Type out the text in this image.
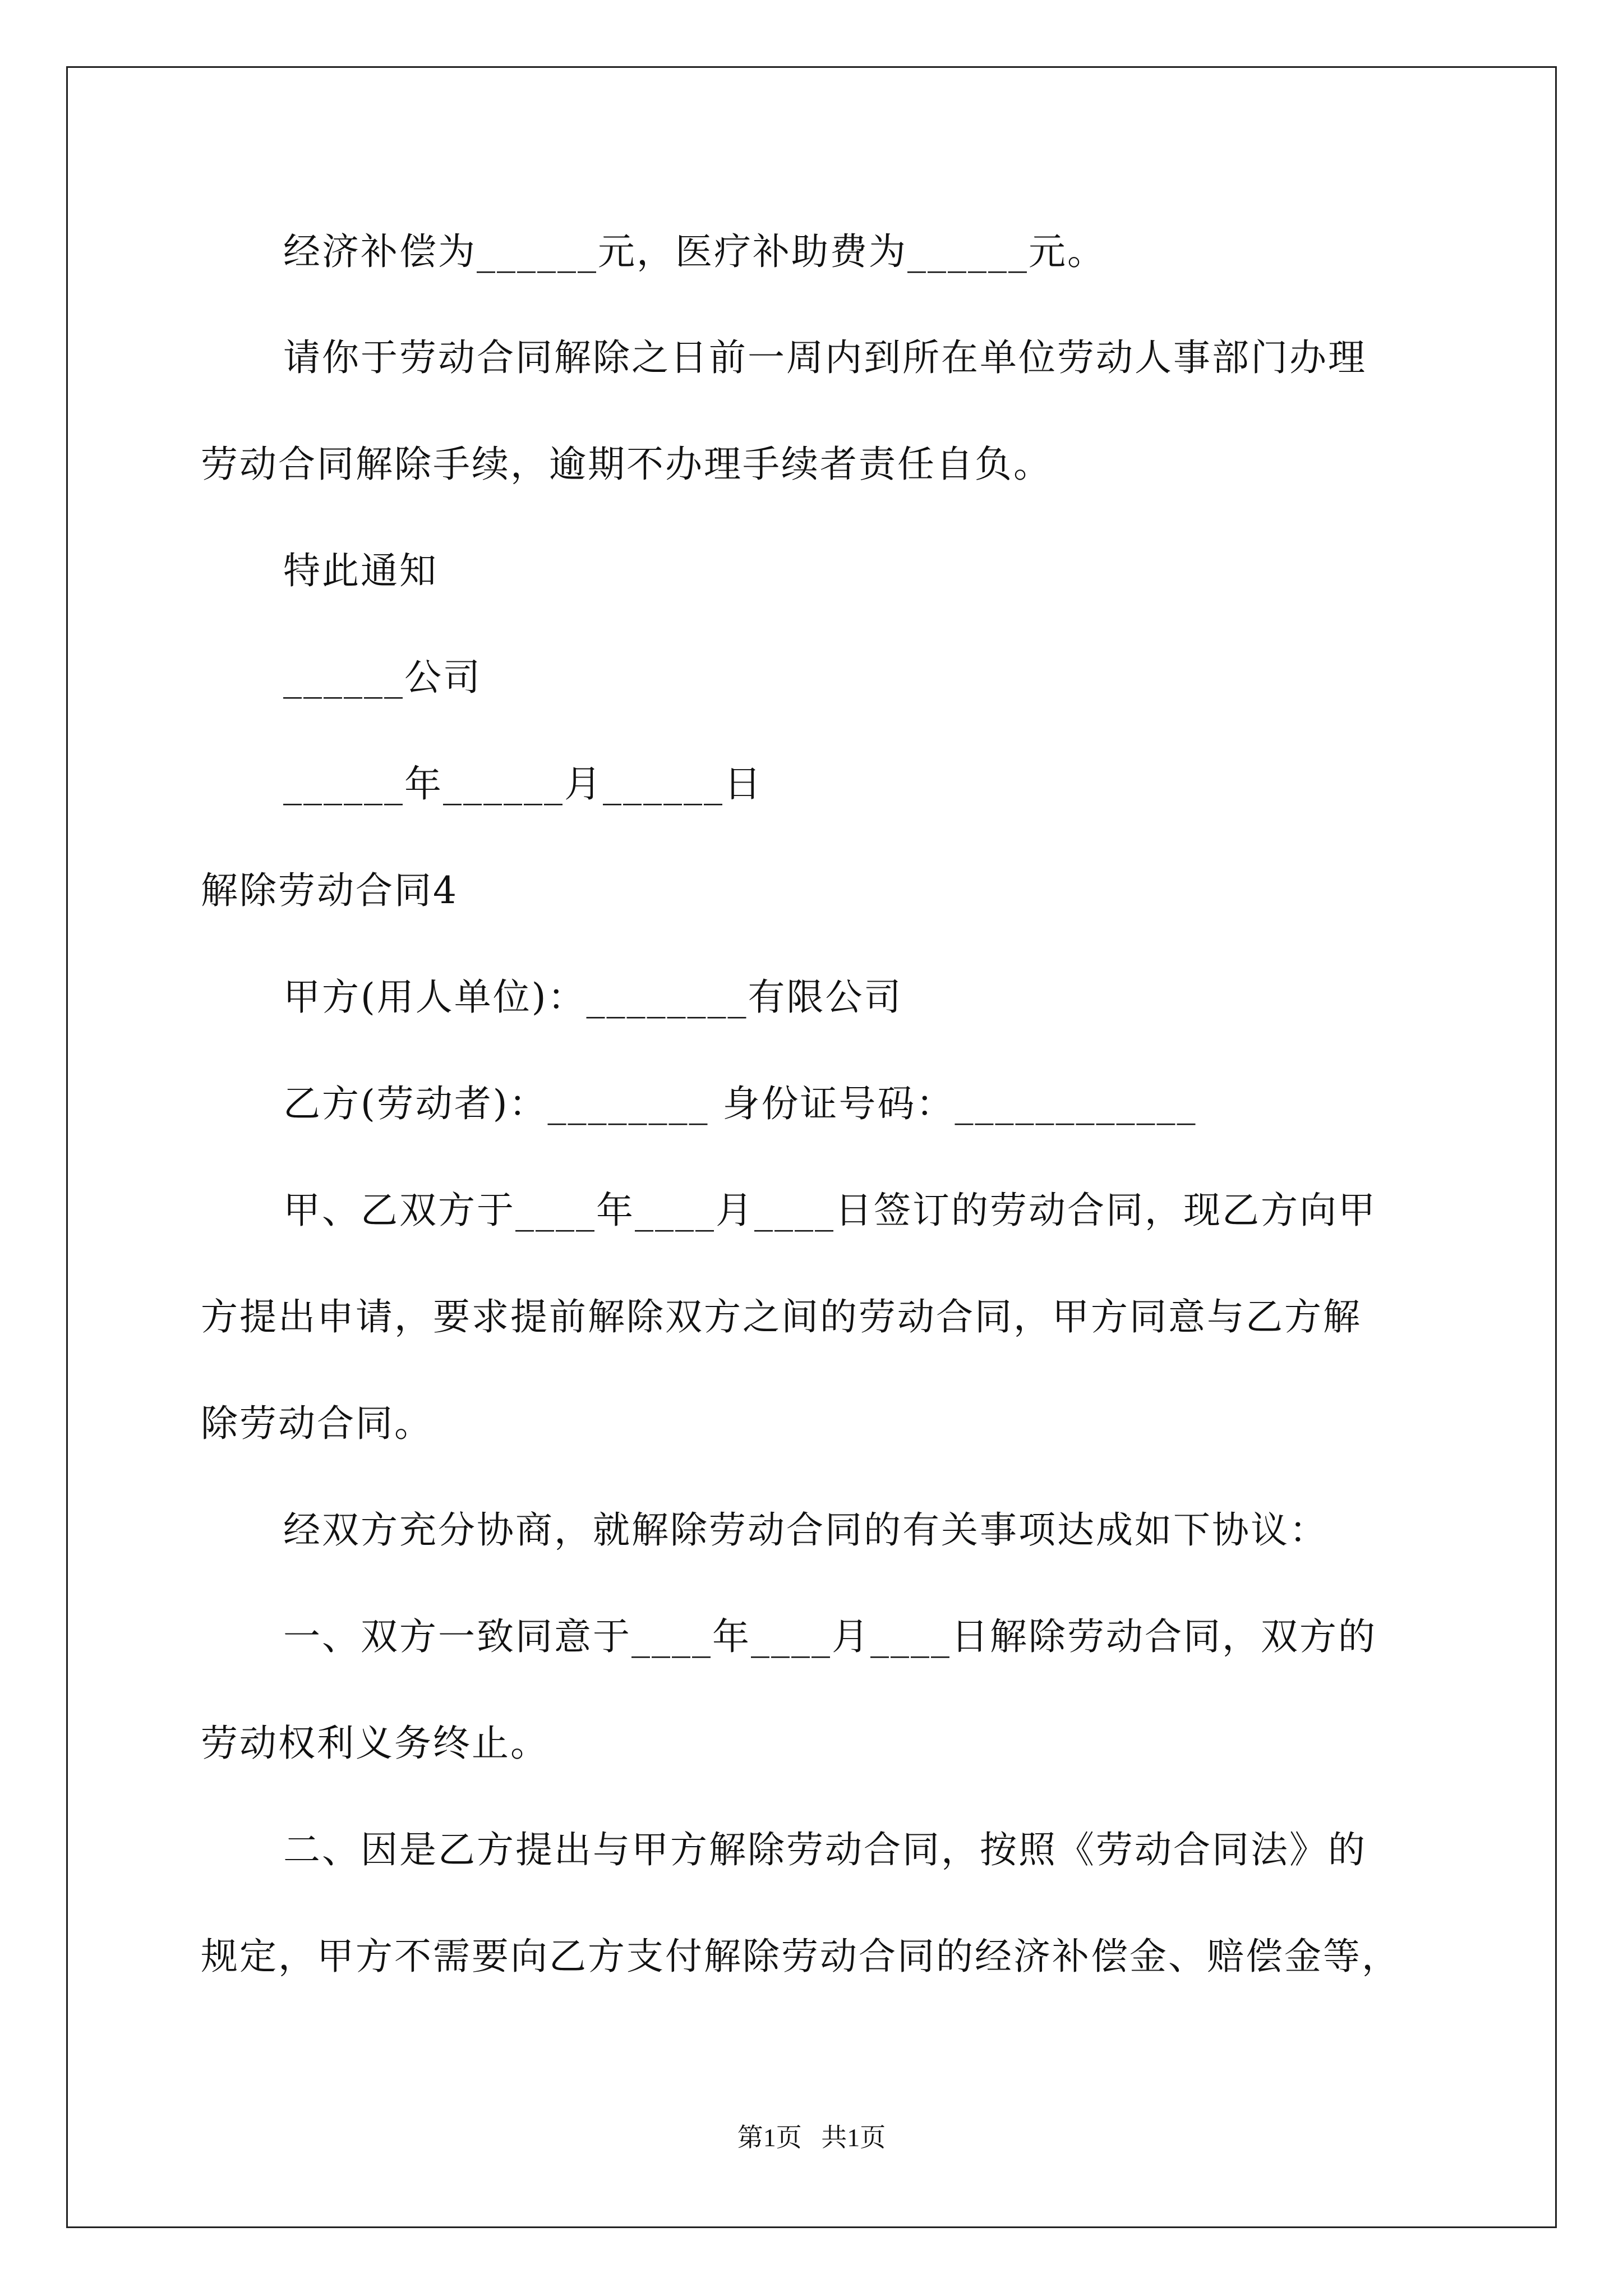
经济补偿为______元，医疗补助费为______元。
请你于劳动合同解除之日前一周内到所在单位劳动人事部门办理
劳动合同解除手续，逾期不办理手续者责任自负。
特此通知
______公司
______年______月______日
解除劳动合同4
甲方(用人单位)：________有限公司
乙方(劳动者)：________ 身份证号码：____________
甲、乙双方于____年____月____日签订的劳动合同，现乙方向甲
方提出申请，要求提前解除双方之间的劳动合同，甲方同意与乙方解
除劳动合同。
经双方充分协商，就解除劳动合同的有关事项达成如下协议：
一、双方一致同意于____年____月____日解除劳动合同，双方的
劳动权利义务终止。
二、因是乙方提出与甲方解除劳动合同，按照《劳动合同法》的
规定，甲方不需要向乙方支付解除劳动合同的经济补偿金、赔偿金等，
第1页   共1页
